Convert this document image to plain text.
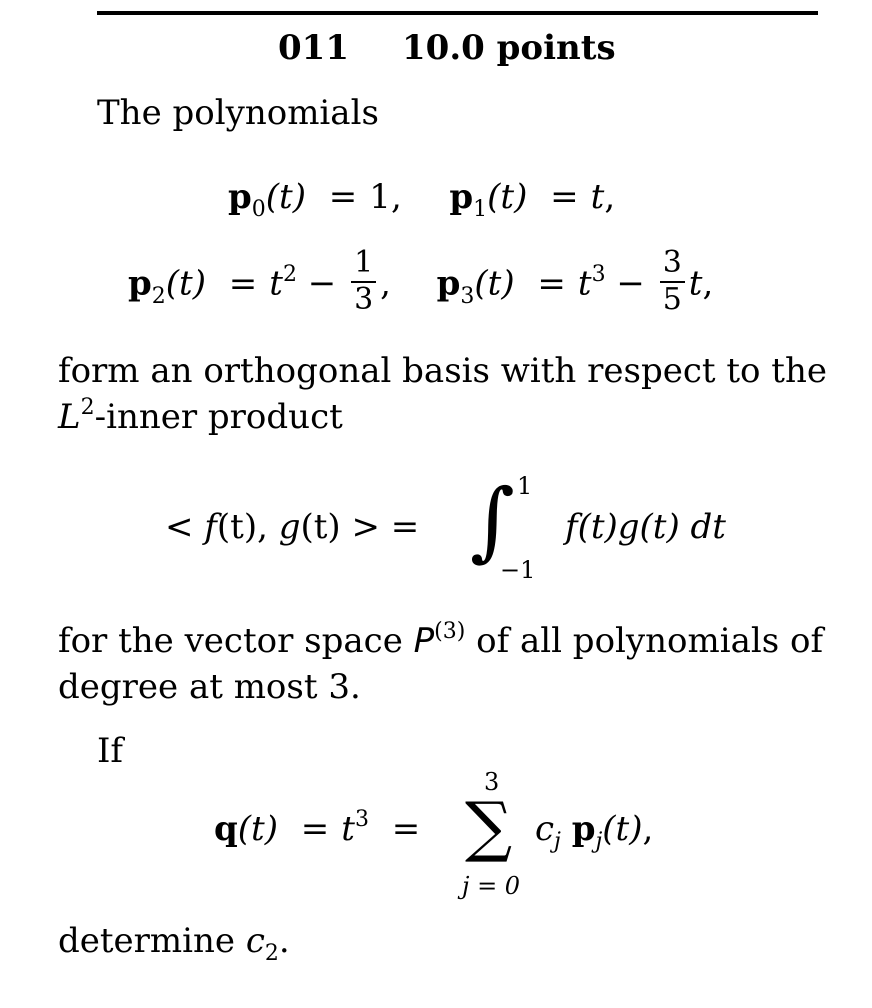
011 10.0 points
The polynomials
$p_0(t) = 1$, $p_1(t) = t$,
$p_2(t) = t^2 - \frac{1}{3}$ , $p_3(t) = t^3 - \frac{3}{5} t$,
form an orthogonal basis with respect to the
$L^2$-inner product
< f(t), g(t) > = ∫ 1
−1
f(t)g(t) dt
for the vector space $P^{(3)}$ of all polynomials of
degree at most 3.
If
$q(t) = t^3$ =
3
∑
j = 0
$c_j$ $p_j(t)$,
determine $c_2$.
